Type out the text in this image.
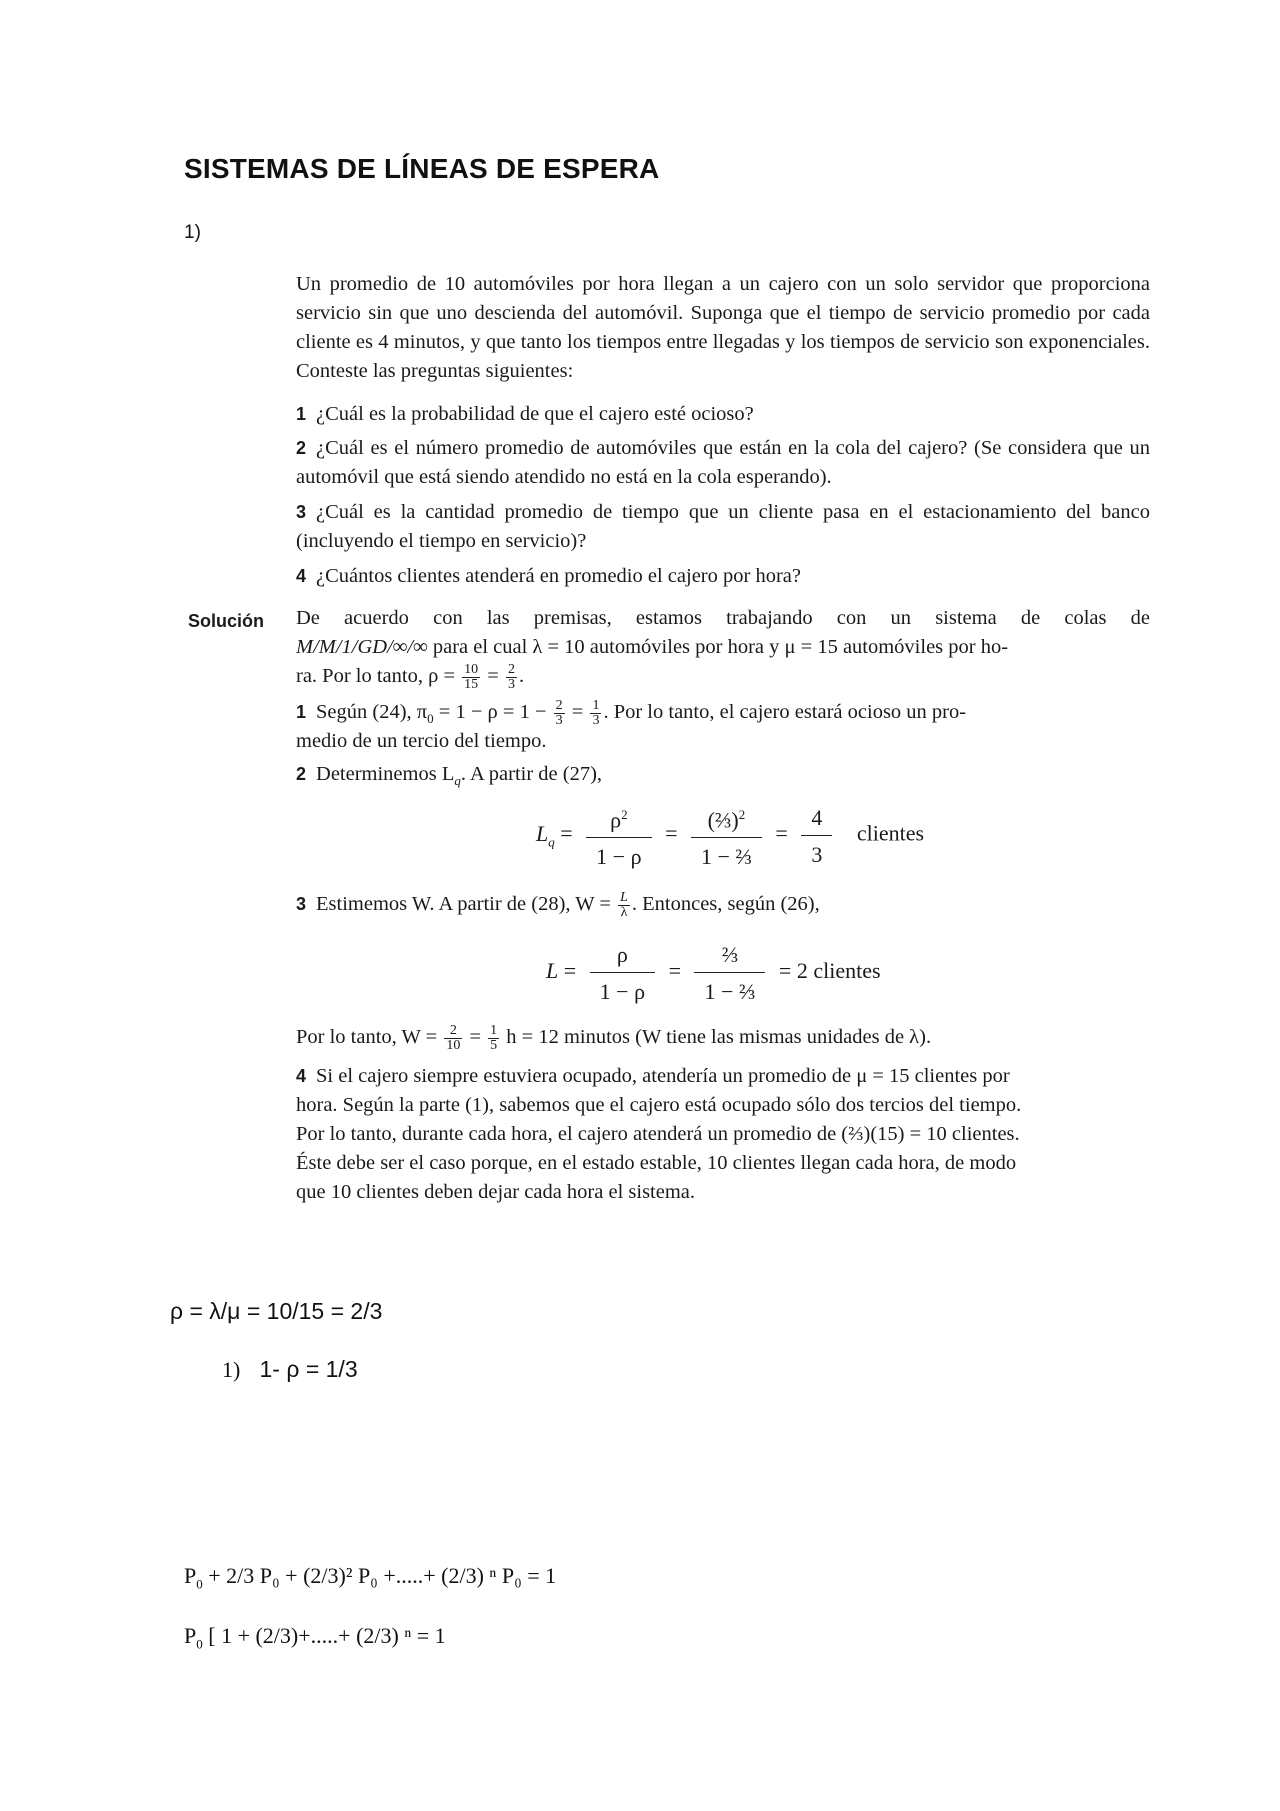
SISTEMAS DE LÍNEAS DE ESPERA
1)
Un promedio de 10 automóviles por hora llegan a un cajero con un solo servidor que proporciona servicio sin que uno descienda del automóvil. Suponga que el tiempo de servicio promedio por cada cliente es 4 minutos, y que tanto los tiempos entre llegadas y los tiempos de servicio son exponenciales. Conteste las preguntas siguientes:
1 ¿Cuál es la probabilidad de que el cajero esté ocioso?
2 ¿Cuál es el número promedio de automóviles que están en la cola del cajero? (Se considera que un automóvil que está siendo atendido no está en la cola esperando).
3 ¿Cuál es la cantidad promedio de tiempo que un cliente pasa en el estacionamiento del banco (incluyendo el tiempo en servicio)?
4 ¿Cuántos clientes atenderá en promedio el cajero por hora?
Solución De acuerdo con las premisas, estamos trabajando con un sistema de colas de
M/M/1/GD/∞/∞ para el cual λ = 10 automóviles por hora y μ = 15 automóviles por ho-
ra. Por lo tanto, $\rho = \frac{10}{15} = \frac{2}{3}$ .
1 Según (24), $\pi_0 = 1 - \rho = 1 - \frac{2}{3} = \frac{1}{3}$ . Por lo tanto, el cajero estará ocioso un pro-
medio de un tercio del tiempo.
2 Determinemos $L_q$. A partir de (27),
$L_q = \frac{\rho^2}{1 - \rho} = \frac{(\frac{2}{3})^2}{\text{1 − ⅔}} = \frac{4}{3}$ clientes
3 Estimemos W. A partir de (28), $W = \frac{L}{\lambda}$ . Entonces, según (26),
$L = \frac{\rho}{1 - \rho}$ =
⅔
1 − ⅔
= 2 clientes
Por lo tanto, $W = \frac{2}{10} = \frac{1}{5}$ h = 12 minutos (W tiene las mismas unidades de λ).
4 Si el cajero siempre estuviera ocupado, atendería un promedio de μ = 15 clientes por
hora. Según la parte (1), sabemos que el cajero está ocupado sólo dos tercios del tiempo.
Por lo tanto, durante cada hora, el cajero atenderá un promedio de (⅔)(15) = 10 clientes.
Éste debe ser el caso porque, en el estado estable, 10 clientes llegan cada hora, de modo
que 10 clientes deben dejar cada hora el sistema.
ρ = λ/μ = 10/15 = 2/3
1) 1- ρ = 1/3
$P_0 + 2/3$ P₀ + (2/3)² P₀ +.....+ (2/3) ⁿ P₀ = 1
$P_0$ [ 1 + (2/3)+.....+ (2/3) ⁿ = 1
